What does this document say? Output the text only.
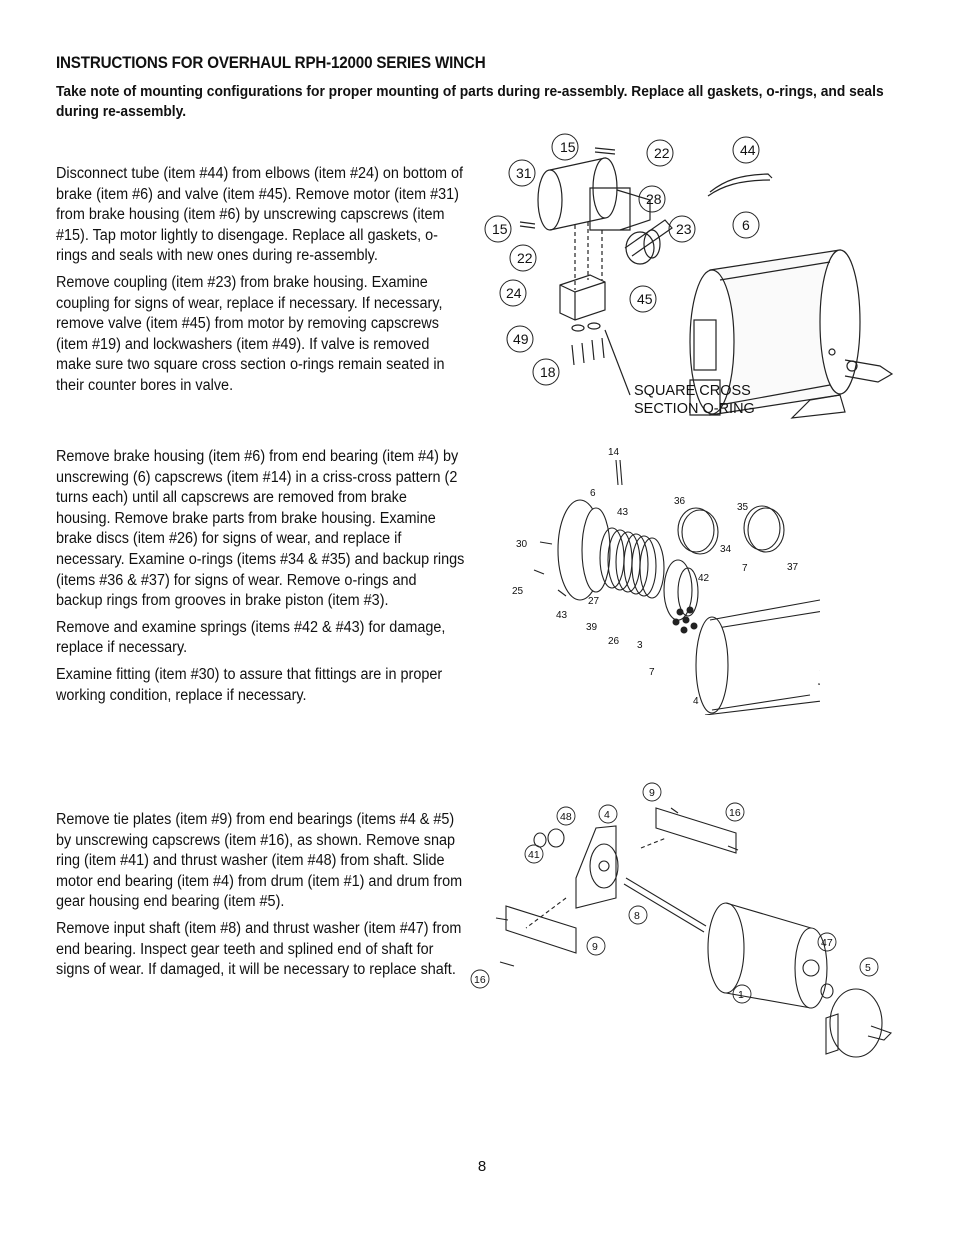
INSTRUCTIONS FOR OVERHAUL RPH-12000 SERIES WINCH
Take note of mounting configurations for proper mounting of parts during re-assembly. Replace all gaskets, o-rings, and seals during re-assembly.

Disconnect tube (item #44) from elbows (item #24) on bottom of brake (item #6) and valve (item #45). Remove motor (item #31) from brake housing (item #6) by unscrewing capscrews (item #15). Tap motor lightly to disengage. Replace all gaskets, o-rings and seals with new ones during re-assembly.

Remove coupling (item #23) from brake housing. Examine coupling for signs of wear, replace if necessary. If necessary, remove valve (item #45) from motor by removing capscrews (item #19) and lockwashers (item #49). If valve is removed make sure two square cross section o-rings remain seated in their counter bores in valve.

Remove brake housing (item #6) from end bearing (item #4) by unscrewing (6) capscrews (item #14) in a criss-cross pattern (2 turns each) until all capscrews are removed from brake housing. Remove brake parts from brake housing. Examine brake discs (item #26) for signs of wear, and replace if necessary. Examine o-rings (items #34 & #35) and backup rings (items #36 & #37) for signs of wear. Remove o-rings and backup rings from grooves in brake piston (item #3).

Remove and examine springs (items #42 & #43) for damage, replace if necessary.

Examine fitting (item #30) to assure that fittings are in proper working condition, replace if necessary.

Remove tie plates (item #9) from end bearings (items #4 & #5) by unscrewing capscrews (item #16), as shown. Remove snap ring (item #41) and thrust washer (item #48) from shaft. Slide motor end bearing (item #4) from drum (item #1) and drum from gear housing end bearing (item #5).

Remove input shaft (item #8) and thrust washer (item #47) from end bearing. Inspect gear teeth and splined end of shaft for signs of wear. If damaged, it will be necessary to replace shaft.

15	22	44
31
28
6
15	23
22
24	45
49
18
SQUARE CROSS
SECTION O-RING
14
6
43
36
35
30	34
7	37
42
25
27
43
39
26 3
7
4
9
48	4	16
41
8
9	47
16
5
1
8
